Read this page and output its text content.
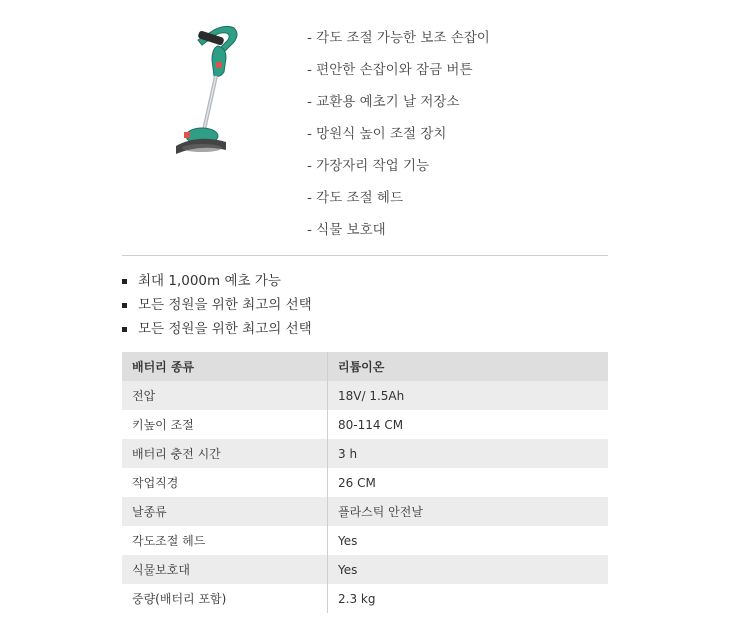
- 각도 조절 가능한 보조 손잡이
- 편안한 손잡이와 잠금 버튼
- 교환용 예초기 날 저장소
- 망원식 높이 조절 장치
- 가장자리 작업 기능
- 각도 조절 헤드
- 식물 보호대
최대 1,000m 예초 가능
모든 정원을 위한 최고의 선택
모든 정원을 위한 최고의 선택
배터리 종류	리튬이온
전압	18V/ 1.5Ah
키높이 조절	80-114 CM
배터리 충전 시간	3 h
작업직경	26 CM
날종류	플라스틱 안전날
각도조절 헤드	Yes
식물보호대	Yes
중량(배터리 포함)	2.3 kg
